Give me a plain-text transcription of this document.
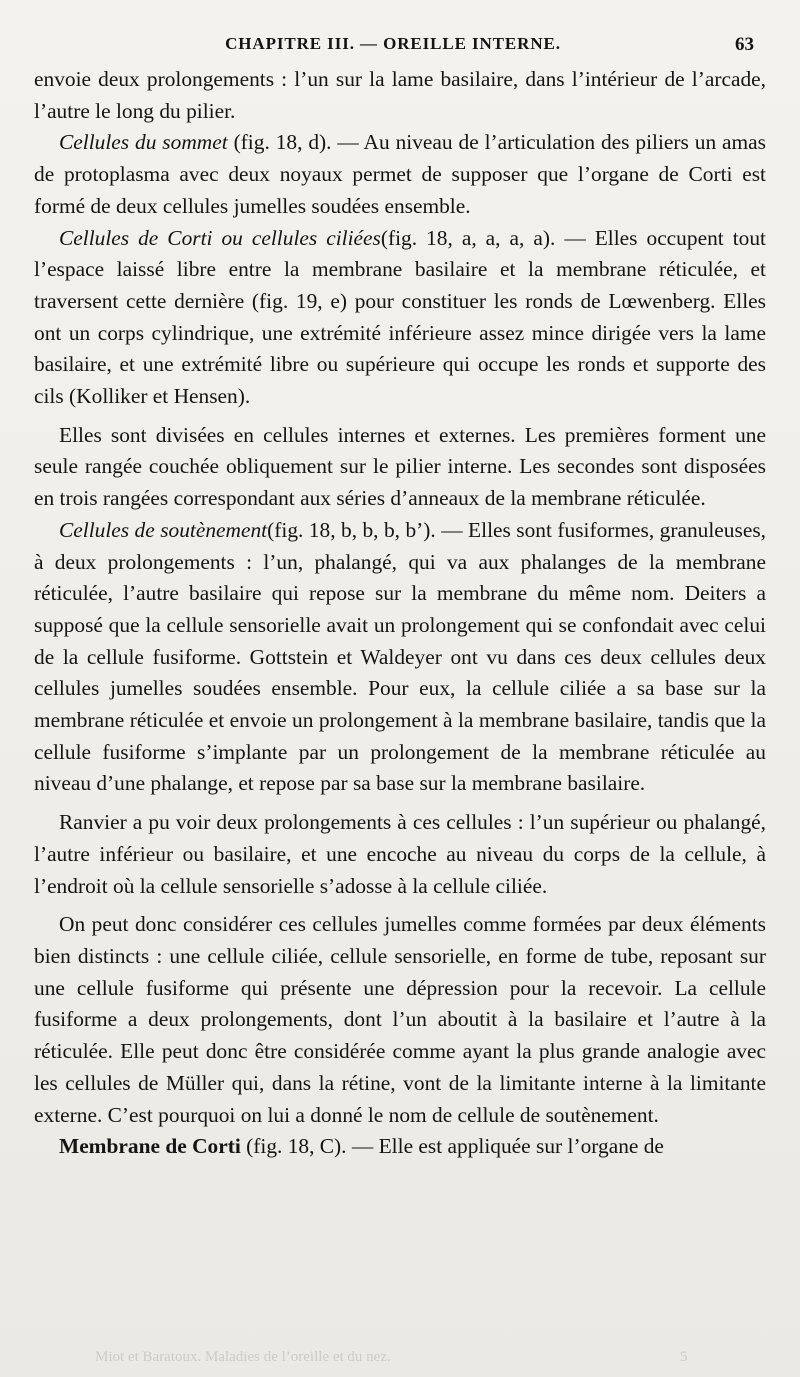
CHAPITRE III. — OREILLE INTERNE.	63

envoie deux prolongements : l’un sur la lame basilaire, dans l’intérieur de l’arcade, l’autre le long du pilier.

Cellules du sommet (fig. 18, d). — Au niveau de l’articulation des piliers un amas de protoplasma avec deux noyaux permet de supposer que l’organe de Corti est formé de deux cellules jumelles soudées ensemble.

Cellules de Corti ou cellules ciliées(fig. 18, a, a, a, a). — Elles occupent tout l’espace laissé libre entre la membrane basilaire et la membrane réticulée, et traversent cette dernière (fig. 19, e) pour constituer les ronds de Lœwenberg. Elles ont un corps cylindrique, une extrémité inférieure assez mince dirigée vers la lame basilaire, et une extrémité libre ou supérieure qui occupe les ronds et supporte des cils (Kolliker et Hensen).

Elles sont divisées en cellules internes et externes. Les premières forment une seule rangée couchée obliquement sur le pilier interne. Les secondes sont disposées en trois rangées correspondant aux séries d’anneaux de la membrane réticulée.

Cellules de soutènement(fig. 18, b, b, b, b’). — Elles sont fusiformes, granuleuses, à deux prolongements : l’un, phalangé, qui va aux phalanges de la membrane réticulée, l’autre basilaire qui repose sur la membrane du même nom. Deiters a supposé que la cellule sensorielle avait un prolongement qui se confondait avec celui de la cellule fusiforme. Gottstein et Waldeyer ont vu dans ces deux cellules deux cellules jumelles soudées ensemble. Pour eux, la cellule ciliée a sa base sur la membrane réticulée et envoie un prolongement à la membrane basilaire, tandis que la cellule fusiforme s’implante par un prolongement de la membrane réticulée au niveau d’une phalange, et repose par sa base sur la membrane basilaire.

Ranvier a pu voir deux prolongements à ces cellules : l’un supérieur ou phalangé, l’autre inférieur ou basilaire, et une encoche au niveau du corps de la cellule, à l’endroit où la cellule sensorielle s’adosse à la cellule ciliée.

On peut donc considérer ces cellules jumelles comme formées par deux éléments bien distincts : une cellule ciliée, cellule sensorielle, en forme de tube, reposant sur une cellule fusiforme qui présente une dépression pour la recevoir. La cellule fusiforme a deux prolongements, dont l’un aboutit à la basilaire et l’autre à la réticulée. Elle peut donc être considérée comme ayant la plus grande analogie avec les cellules de Müller qui, dans la rétine, vont de la limitante interne à la limitante externe. C’est pourquoi on lui a donné le nom de cellule de soutènement.

Membrane de Corti (fig. 18, C). — Elle est appliquée sur l’organe de

Miot et Baratoux. Maladies de l’oreille et du nez.	5
